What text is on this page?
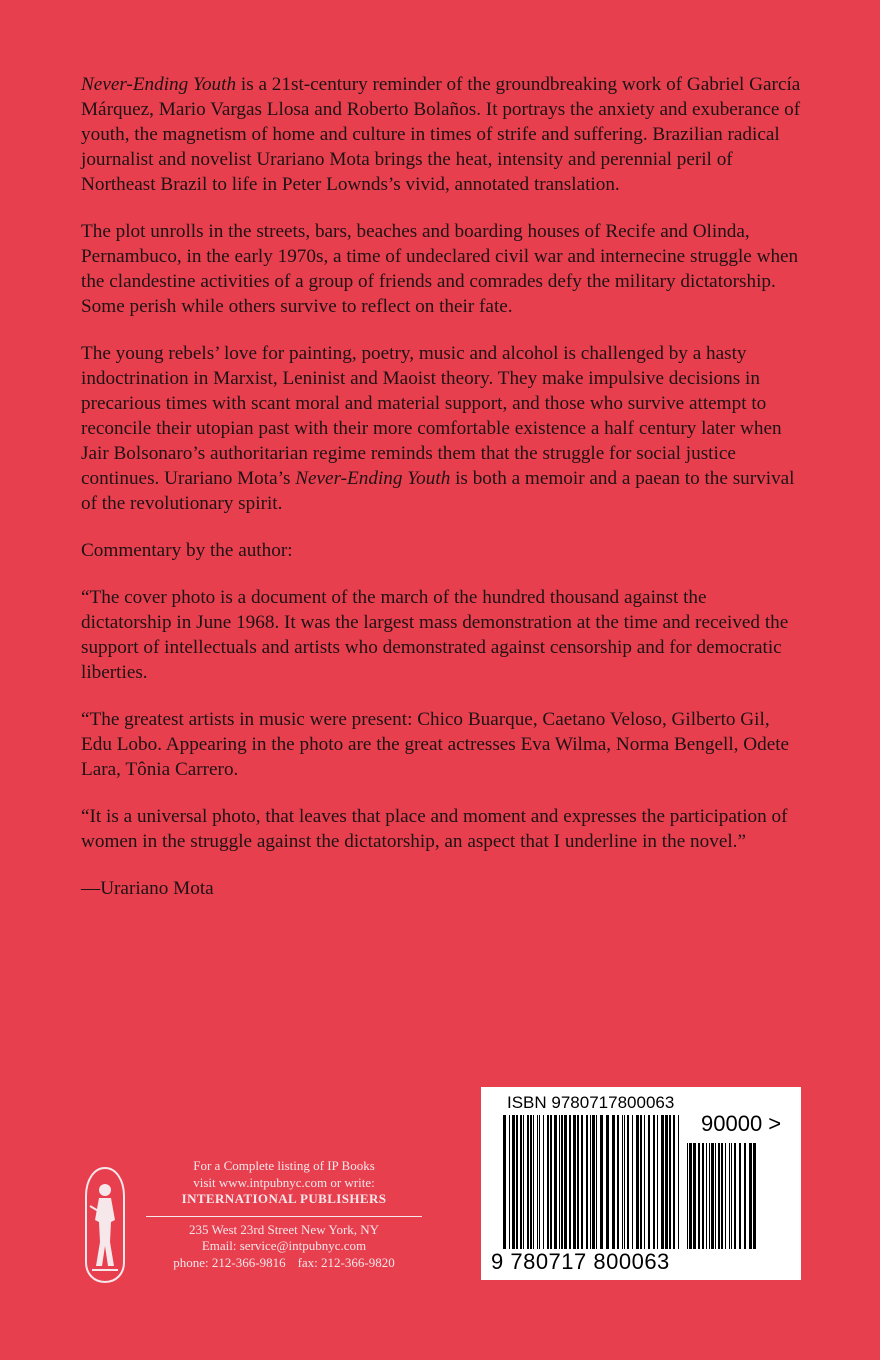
Never-Ending Youth is a 21st-century reminder of the groundbreaking work of Gabriel García Márquez, Mario Vargas Llosa and Roberto Bolaños. It portrays the anxiety and exuberance of youth, the magnetism of home and culture in times of strife and suffering. Brazilian radical journalist and novelist Urariano Mota brings the heat, intensity and perennial peril of Northeast Brazil to life in Peter Lownds’s vivid, annotated translation.

The plot unrolls in the streets, bars, beaches and boarding houses of Recife and Olinda, Pernambuco, in the early 1970s, a time of undeclared civil war and internecine struggle when the clandestine activities of a group of friends and comrades defy the military dictatorship. Some perish while others survive to reflect on their fate.

The young rebels’ love for painting, poetry, music and alcohol is challenged by a hasty indoctrination in Marxist, Leninist and Maoist theory. They make impulsive decisions in precarious times with scant moral and material support, and those who survive attempt to reconcile their utopian past with their more comfortable existence a half century later when Jair Bolsonaro’s authoritarian regime reminds them that the struggle for social justice continues. Urariano Mota’s Never-Ending Youth is both a memoir and a paean to the survival of the revolutionary spirit.

Commentary by the author:

“The cover photo is a document of the march of the hundred thousand against the dictatorship in June 1968. It was the largest mass demonstration at the time and received the support of intellectuals and artists who demonstrated against censorship and for democratic liberties.

“The greatest artists in music were present: Chico Buarque, Caetano Veloso, Gilberto Gil, Edu Lobo. Appearing in the photo are the great actresses Eva Wilma, Norma Bengell, Odete Lara, Tônia Carrero.

“It is a universal photo, that leaves that place and moment and expresses the participation of women in the struggle against the dictatorship, an aspect that I underline in the novel.”

—Urariano Mota

For a Complete listing of IP Books
visit www.intpubnyc.com or write:
INTERNATIONAL PUBLISHERS
235 West 23rd Street New York, NY
Email: service@intpubnyc.com
phone: 212-366-9816 fax: 212-366-9820
ISBN 9780717800063
90000 >
9 780717 800063
